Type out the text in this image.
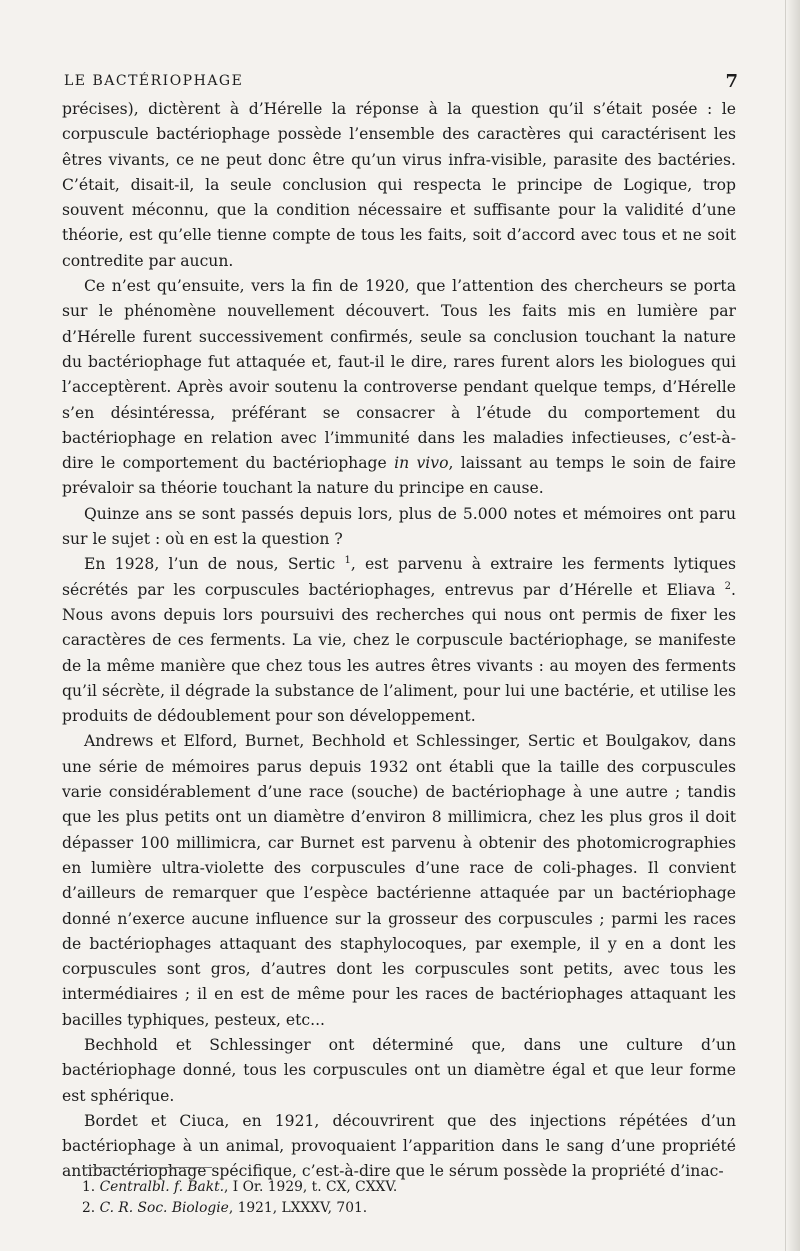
LE BACTÉRIOPHAGE	7

précises), dictèrent à d’Hérelle la réponse à la question qu’il s’était posée : le corpuscule bactériophage possède l’ensemble des caractères qui caractérisent les êtres vivants, ce ne peut donc être qu’un virus infra-visible, parasite des bactéries. C’était, disait-il, la seule conclusion qui respecta le principe de Logique, trop souvent méconnu, que la condition nécessaire et suffisante pour la validité d’une théorie, est qu’elle tienne compte de tous les faits, soit d’accord avec tous et ne soit contredite par aucun.

Ce n’est qu’ensuite, vers la fin de 1920, que l’attention des chercheurs se porta sur le phénomène nouvellement découvert. Tous les faits mis en lumière par d’Hérelle furent successivement confirmés, seule sa conclusion touchant la nature du bactériophage fut attaquée et, faut-il le dire, rares furent alors les biologues qui l’acceptèrent. Après avoir soutenu la controverse pendant quelque temps, d’Hérelle s’en désintéressa, préférant se consacrer à l’étude du comportement du bactériophage en relation avec l’immunité dans les maladies infectieuses, c’est-à-dire le comportement du bactériophage in vivo, laissant au temps le soin de faire prévaloir sa théorie touchant la nature du principe en cause.

Quinze ans se sont passés depuis lors, plus de 5.000 notes et mémoires ont paru sur le sujet : où en est la question ?

En 1928, l’un de nous, Sertic $^1$, est parvenu à extraire les ferments lytiques sécrétés par les corpuscules bactériophages, entrevus par d’Hérelle et Eliava $^2$. Nous avons depuis lors poursuivi des recherches qui nous ont permis de fixer les caractères de ces ferments. La vie, chez le corpuscule bactériophage, se manifeste de la même manière que chez tous les autres êtres vivants : au moyen des ferments qu’il sécrète, il dégrade la substance de l’aliment, pour lui une bactérie, et utilise les produits de dédoublement pour son développement.

Andrews et Elford, Burnet, Bechhold et Schlessinger, Sertic et Boulgakov, dans une série de mémoires parus depuis 1932 ont établi que la taille des corpuscules varie considérablement d’une race (souche) de bactériophage à une autre ; tandis que les plus petits ont un diamètre d’environ 8 millimicra, chez les plus gros il doit dépasser 100 millimicra, car Burnet est parvenu à obtenir des photomicrographies en lumière ultra-violette des corpuscules d’une race de coli-phages. Il convient d’ailleurs de remarquer que l’espèce bactérienne attaquée par un bactériophage donné n’exerce aucune influence sur la grosseur des corpuscules ; parmi les races de bactériophages attaquant des staphylocoques, par exemple, il y en a dont les corpuscules sont gros, d’autres dont les corpuscules sont petits, avec tous les intermédiaires ; il en est de même pour les races de bactériophages attaquant les bacilles typhiques, pesteux, etc...

Bechhold et Schlessinger ont déterminé que, dans une culture d’un bactériophage donné, tous les corpuscules ont un diamètre égal et que leur forme est sphérique.

Bordet et Ciuca, en 1921, découvrirent que des injections répétées d’un bactériophage à un animal, provoquaient l’apparition dans le sang d’une propriété antibactériophage spécifique, c’est-à-dire que le sérum possède la propriété d’inac-

1. Centralbl. f. Bakt., I Or. 1929, t. CX, CXXV.
2. C. R. Soc. Biologie, 1921, LXXXV, 701.
